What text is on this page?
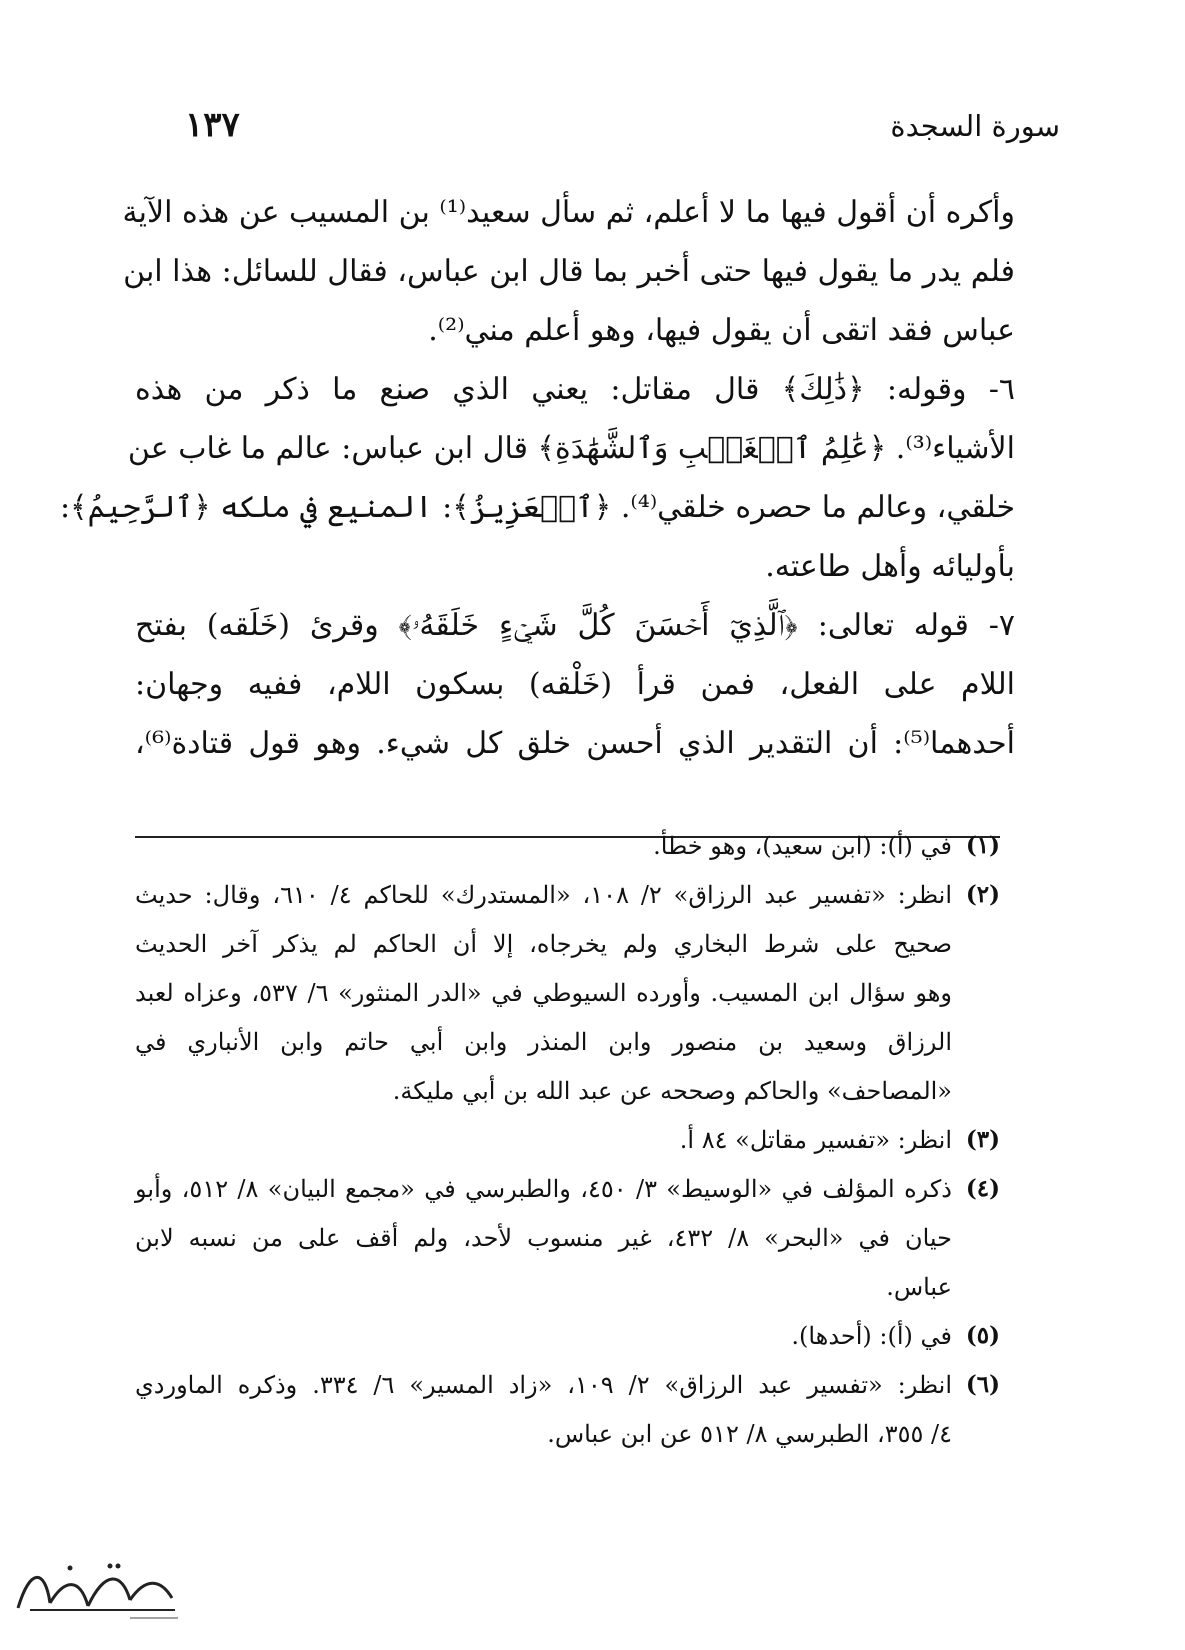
سورة السجدة
١٣٧
وأكره أن أقول فيها ما لا أعلم، ثم سأل سعيد⁽¹⁾ بن المسيب عن هذه الآية
فلم يدر ما يقول فيها حتى أخبر بما قال ابن عباس، فقال للسائل: هذا ابن
عباس فقد اتقى أن يقول فيها، وهو أعلم مني⁽²⁾.
٦- وقوله: ﴿ذَٰلِكَ﴾ قال مقاتل: يعني الذي صنع ما ذكر من هذه
الأشياء⁽³⁾. ﴿عَٰلِمُ ٱلۡغَيۡبِ وَٱلشَّهَٰدَةِ﴾ قال ابن عباس: عالم ما غاب عن
خلقي، وعالم ما حصره خلقي⁽⁴⁾. ﴿ٱلۡعَزِيزُ﴾: المنيع في ملكه ﴿ٱلرَّحِيمُ﴾:
بأوليائه وأهل طاعته.
٧- قوله تعالى: ﴿ٱلَّذِيٓ أَحۡسَنَ كُلَّ شَيۡءٍ خَلَقَهُۥ﴾ وقرئ (خَلَقه) بفتح
اللام على الفعل، فمن قرأ (خَلْقه) بسكون اللام، ففيه وجهان:
أحدهما⁽⁵⁾: أن التقدير الذي أحسن خلق كل شيء. وهو قول قتادة⁽⁶⁾،
(١)
في (أ): (ابن سعيد)، وهو خطأ.
(٢)
انظر: «تفسير عبد الرزاق» ٢/ ١٠٨، «المستدرك» للحاكم ٤/ ٦١٠، وقال: حديث
صحيح على شرط البخاري ولم يخرجاه، إلا أن الحاكم لم يذكر آخر الحديث
وهو سؤال ابن المسيب. وأورده السيوطي في «الدر المنثور» ٦/ ٥٣٧، وعزاه لعبد
الرزاق وسعيد بن منصور وابن المنذر وابن أبي حاتم وابن الأنباري في
«المصاحف» والحاكم وصححه عن عبد الله بن أبي مليكة.
(٣)
انظر: «تفسير مقاتل» ٨٤ أ.
(٤)
ذكره المؤلف في «الوسيط» ٣/ ٤٥٠، والطبرسي في «مجمع البيان» ٨/ ٥١٢، وأبو
حيان في «البحر» ٨/ ٤٣٢، غير منسوب لأحد، ولم أقف على من نسبه لابن
عباس.
(٥)
في (أ): (أحدها).
(٦)
انظر: «تفسير عبد الرزاق» ٢/ ١٠٩، «زاد المسير» ٦/ ٣٣٤. وذكره الماوردي
٤/ ٣٥٥، الطبرسي ٨/ ٥١٢ عن ابن عباس.
